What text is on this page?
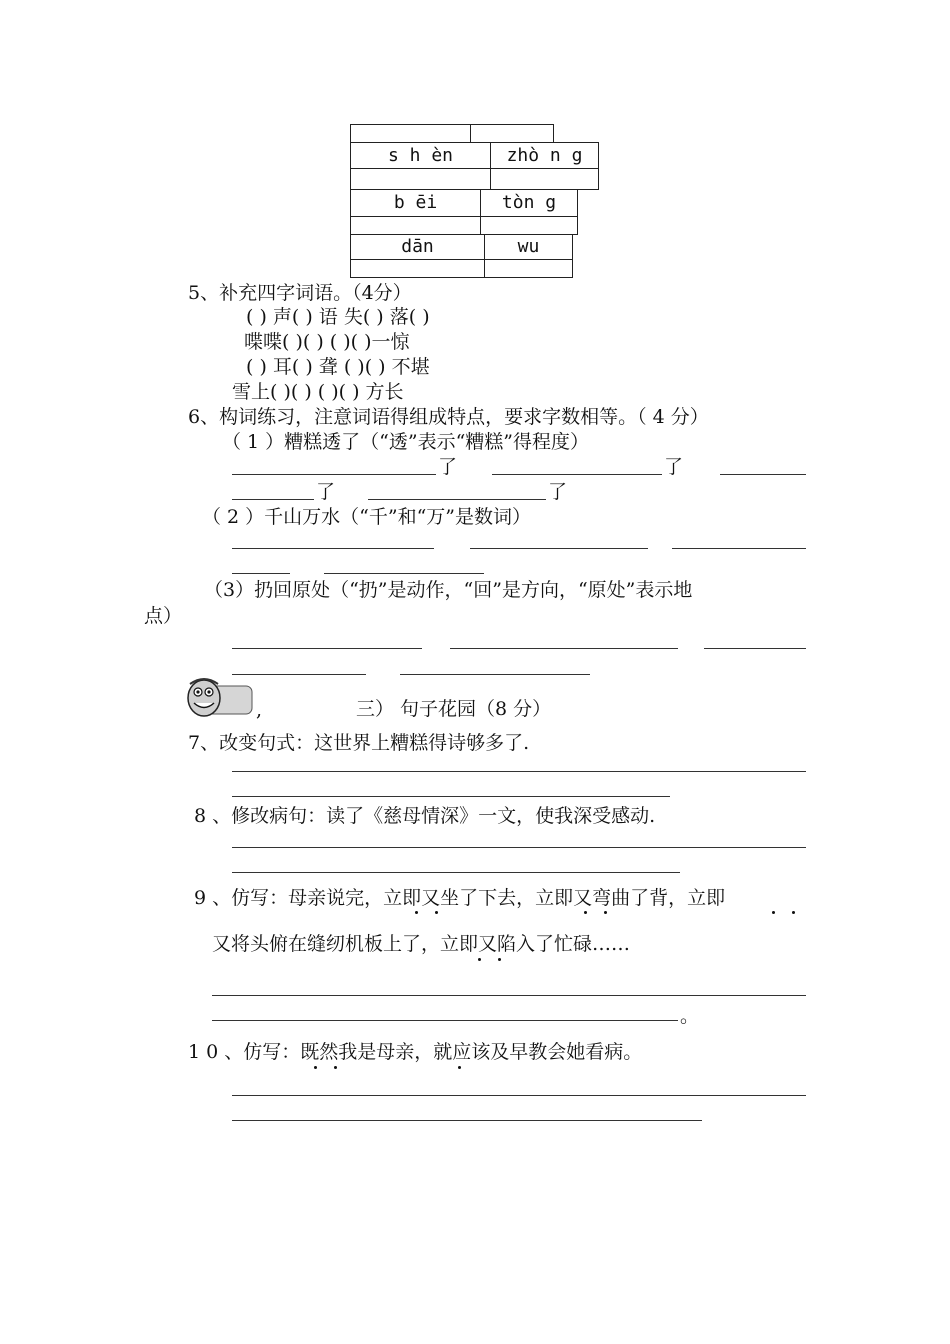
s h èn	zhò n g
b ēi	tòn g
dān	wu
5、补充四字词语。（4分）
( ) 声( ) 语 失( ) 落( )
喋喋( )( ) ( )( )一惊
( ) 耳( ) 聋 ( )( ) 不堪
雪上( )( ) ( )( ) 方长
6、构词练习，注意词语得组成特点，要求字数相等。（ 4 分）
（ 1 ）糟糕透了（“透”表示“糟糕”得程度）
了	了
了	了
（ 2 ）千山万水（“千”和“万”是数词）
（3）扔回原处（“扔”是动作，“回”是方向，“原处”表示地
点）
,	三） 句子花园（8 分）
7、改变句式：这世界上糟糕得诗够多了.
8 、修改病句：读了《慈母情深》一文，使我深受感动.
9 、仿写：母亲说完，立即又坐了下去，立即又弯曲了背，立即
又将头俯在缝纫机板上了，立即又陷入了忙碌……
。
1 0 、仿写：既然我是母亲，就应该及早教会她看病。
